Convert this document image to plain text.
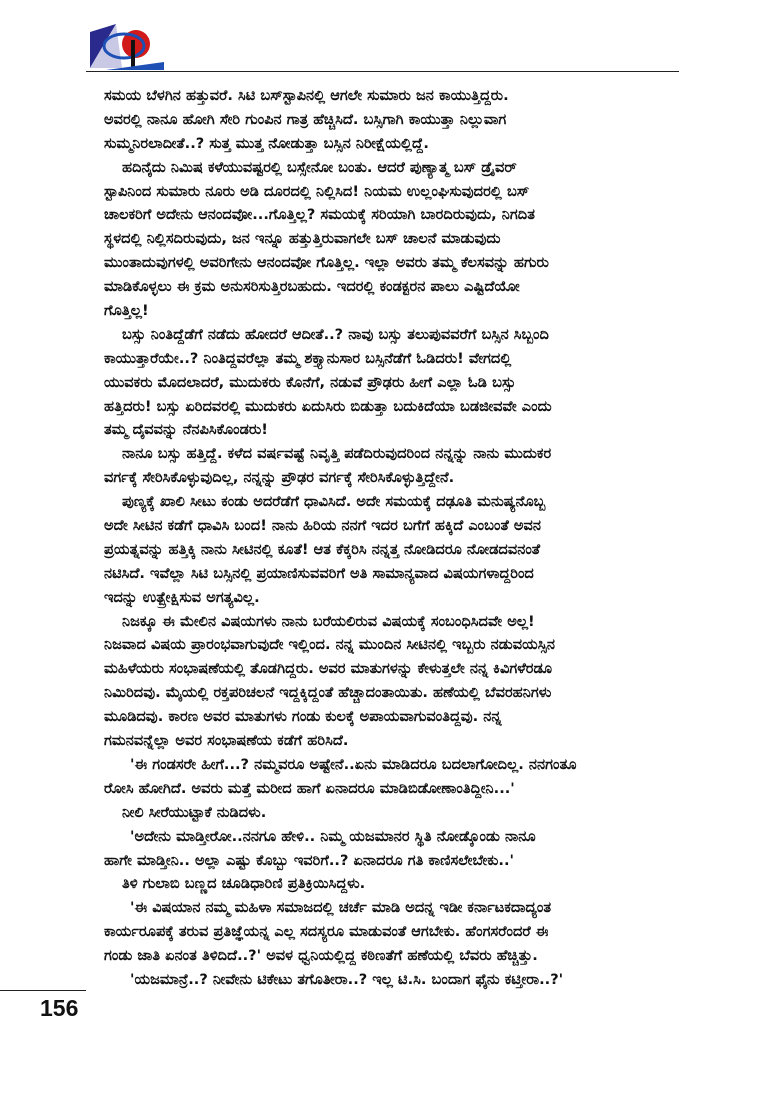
ಸಮಯ ಬೆಳಗಿನ ಹತ್ತುವರೆ. ಸಿಟಿ ಬಸ್‌ಸ್ಟಾಪಿನಲ್ಲಿ ಆಗಲೇ ಸುಮಾರು ಜನ ಕಾಯುತ್ತಿದ್ದರು.
ಅವರಲ್ಲಿ ನಾನೂ ಹೋಗಿ ಸೇರಿ ಗುಂಪಿನ ಗಾತ್ರ ಹೆಚ್ಚಿಸಿದೆ. ಬಸ್ಸಿಗಾಗಿ ಕಾಯುತ್ತಾ ನಿಲ್ಲುವಾಗ
ಸುಮ್ಮನಿರಲಾದೀತೆ..? ಸುತ್ತ ಮುತ್ತ ನೋಡುತ್ತಾ ಬಸ್ಸಿನ ನಿರೀಕ್ಷೆಯಲ್ಲಿದ್ದೆ.
ಹದಿನೈದು ನಿಮಿಷ ಕಳೆಯುವಷ್ಟರಲ್ಲಿ ಬಸ್ಸೇನೋ ಬಂತು. ಆದರೆ ಪುಣ್ಯಾತ್ಮ ಬಸ್ ಡ್ರೈವರ್
ಸ್ಟಾಪಿನಿಂದ ಸುಮಾರು ನೂರು ಅಡಿ ದೂರದಲ್ಲಿ ನಿಲ್ಲಿಸಿದ! ನಿಯಮ ಉಲ್ಲಂಘಿಸುವುದರಲ್ಲಿ ಬಸ್
ಚಾಲಕರಿಗೆ ಅದೇನು ಆನಂದವೋ...ಗೊತ್ತಿಲ್ಲ? ಸಮಯಕ್ಕೆ ಸರಿಯಾಗಿ ಬಾರದಿರುವುದು, ನಿಗದಿತ
ಸ್ಥಳದಲ್ಲಿ ನಿಲ್ಲಿಸದಿರುವುದು, ಜನ ಇನ್ನೂ ಹತ್ತುತ್ತಿರುವಾಗಲೇ ಬಸ್ ಚಾಲನೆ ಮಾಡುವುದು
ಮುಂತಾದುವುಗಳಲ್ಲಿ ಅವರಿಗೇನು ಆನಂದವೋ ಗೊತ್ತಿಲ್ಲ. ಇಲ್ಲಾ ಅವರು ತಮ್ಮ ಕೆಲಸವನ್ನು ಹಗುರು
ಮಾಡಿಕೊಳ್ಳಲು ಈ ಕ್ರಮ ಅನುಸರಿಸುತ್ತಿರಬಹುದು. ಇದರಲ್ಲಿ ಕಂಡಕ್ಟರನ ಪಾಲು ಎಷ್ಟಿದೆಯೋ
ಗೊತ್ತಿಲ್ಲ!
ಬಸ್ಸು ನಿಂತಿದ್ದೆಡೆಗೆ ನಡೆದು ಹೋದರೆ ಆದೀತೆ..? ನಾವು ಬಸ್ಸು ತಲುಪುವವರೆಗೆ ಬಸ್ಸಿನ ಸಿಬ್ಬಂದಿ
ಕಾಯುತ್ತಾರೆಯೇ..? ನಿಂತಿದ್ದವರೆಲ್ಲಾ ತಮ್ಮ ಶಕ್ತ್ಯಾನುಸಾರ ಬಸ್ಸಿನೆಡೆಗೆ ಓಡಿದರು! ವೇಗದಲ್ಲಿ
ಯುವಕರು ಮೊದಲಾದರೆ, ಮುದುಕರು ಕೊನೆಗೆ, ನಡುವೆ ಪ್ರೌಢರು ಹೀಗೆ ಎಲ್ಲಾ ಓಡಿ ಬಸ್ಸು
ಹತ್ತಿದರು! ಬಸ್ಸು ಏರಿದವರಲ್ಲಿ ಮುದುಕರು ಏದುಸಿರು ಬಿಡುತ್ತಾ ಬದುಕಿದೆಯಾ ಬಡಜೀವವೇ ಎಂದು
ತಮ್ಮ ದೈವವನ್ನು ನೆನಪಿಸಿಕೊಂಡರು!
ನಾನೂ ಬಸ್ಸು ಹತ್ತಿದ್ದೆ. ಕಳೆದ ವರ್ಷವಷ್ಟೆ ನಿವೃತ್ತಿ ಪಡೆದಿರುವುದರಿಂದ ನನ್ನನ್ನು ನಾನು ಮುದುಕರ
ವರ್ಗಕ್ಕೆ ಸೇರಿಸಿಕೊಳ್ಳುವುದಿಲ್ಲ, ನನ್ನನ್ನು ಪ್ರೌಢರ ವರ್ಗಕ್ಕೆ ಸೇರಿಸಿಕೊಳ್ಳುತ್ತಿದ್ದೇನೆ.
ಪುಣ್ಯಕ್ಕೆ ಖಾಲಿ ಸೀಟು ಕಂಡು ಅದರೆಡೆಗೆ ಧಾವಿಸಿದೆ. ಅದೇ ಸಮಯಕ್ಕೆ ದಢೂತಿ ಮನುಷ್ಯನೊಬ್ಬ
ಅದೇ ಸೀಟಿನ ಕಡೆಗೆ ಧಾವಿಸಿ ಬಂದ! ನಾನು ಹಿರಿಯ ನನಗೆ ಇದರ ಬಗೆಗೆ ಹಕ್ಕಿದೆ ಎಂಬಂತೆ ಅವನ
ಪ್ರಯತ್ನವನ್ನು ಹತ್ತಿಕ್ಕಿ ನಾನು ಸೀಟಿನಲ್ಲಿ ಕೂತೆ! ಆತ ಕೆಕ್ಕರಿಸಿ ನನ್ನತ್ತ ನೋಡಿದರೂ ನೋಡದವನಂತೆ
ನಟಿಸಿದೆ. ಇವೆಲ್ಲಾ ಸಿಟಿ ಬಸ್ಸಿನಲ್ಲಿ ಪ್ರಯಾಣಿಸುವವರಿಗೆ ಅತಿ ಸಾಮಾನ್ಯವಾದ ವಿಷಯಗಳಾದ್ದರಿಂದ
ಇದನ್ನು ಉತ್ಪ್ರೇಕ್ಷಿಸುವ ಅಗತ್ಯವಿಲ್ಲ.
ನಿಜಕ್ಕೂ ಈ ಮೇಲಿನ ವಿಷಯಗಳು ನಾನು ಬರೆಯಲಿರುವ ವಿಷಯಕ್ಕೆ ಸಂಬಂಧಿಸಿದವೇ ಅಲ್ಲ!
ನಿಜವಾದ ವಿಷಯ ಪ್ರಾರಂಭವಾಗುವುದೇ ಇಲ್ಲಿಂದ. ನನ್ನ ಮುಂದಿನ ಸೀಟಿನಲ್ಲಿ ಇಬ್ಬರು ನಡುವಯಸ್ಸಿನ
ಮಹಿಳೆಯರು ಸಂಭಾಷಣೆಯಲ್ಲಿ ತೊಡಗಿದ್ದರು. ಅವರ ಮಾತುಗಳನ್ನು ಕೇಳುತ್ತಲೇ ನನ್ನ ಕಿವಿಗಳೆರಡೂ
ನಿಮಿರಿದವು. ಮೈಯಲ್ಲಿ ರಕ್ತಪರಿಚಲನೆ ಇದ್ದಕ್ಕಿದ್ದಂತೆ ಹೆಚ್ಚಾದಂತಾಯಿತು. ಹಣೆಯಲ್ಲಿ ಬೆವರಹನಿಗಳು
ಮೂಡಿದವು. ಕಾರಣ ಅವರ ಮಾತುಗಳು ಗಂಡು ಕುಲಕ್ಕೆ ಅಪಾಯವಾಗುವಂತಿದ್ದವು. ನನ್ನ
ಗಮನವನ್ನೆಲ್ಲಾ ಅವರ ಸಂಭಾಷಣೆಯ ಕಡೆಗೆ ಹರಿಸಿದೆ.
'ಈ ಗಂಡಸರೇ ಹೀಗೆ...? ನಮ್ಮವರೂ ಅಷ್ಟೇನೆ..ಏನು ಮಾಡಿದರೂ ಬದಲಾಗೋದಿಲ್ಲ. ನನಗಂತೂ
ರೋಸಿ ಹೋಗಿದೆ. ಅವರು ಮತ್ತೆ ಮರೀದ ಹಾಗೆ ಏನಾದರೂ ಮಾಡಿಬಿಡೋಣಾಂತಿದ್ದೀನಿ...'
ನೀಲಿ ಸೀರೆಯುಟ್ಟಾಕೆ ನುಡಿದಳು.
'ಅದೇನು ಮಾಡ್ತೀರೋ..ನನಗೂ ಹೇಳಿ.. ನಿಮ್ಮ ಯಜಮಾನರ ಸ್ಥಿತಿ ನೋಡ್ಕೊಂಡು ನಾನೂ
ಹಾಗೇ ಮಾಡ್ತೀನಿ.. ಅಲ್ಲಾ ಎಷ್ಟು ಕೊಬ್ಬು ಇವರಿಗೆ..? ಏನಾದರೂ ಗತಿ ಕಾಣಿಸಲೇಬೇಕು..'
ತಿಳಿ ಗುಲಾಬಿ ಬಣ್ಣದ ಚೂಡಿಧಾರಿಣಿ ಪ್ರತಿಕ್ರಿಯಿಸಿದ್ದಳು.
'ಈ ವಿಷಯಾನ ನಮ್ಮ ಮಹಿಳಾ ಸಮಾಜದಲ್ಲಿ ಚರ್ಚೆ ಮಾಡಿ ಅದನ್ನ ಇಡೀ ಕರ್ನಾಟಕದಾದ್ಯಂತ
ಕಾರ್ಯರೂಪಕ್ಕೆ ತರುವ ಪ್ರತಿಜ್ಞೆಯನ್ನ ಎಲ್ಲ ಸದಸ್ಯರೂ ಮಾಡುವಂತೆ ಆಗಬೇಕು. ಹೆಂಗಸರೆಂದರೆ ಈ
ಗಂಡು ಜಾತಿ ಏನಂತ ತಿಳಿದಿದೆ..?' ಅವಳ ಧ್ವನಿಯಲ್ಲಿದ್ದ ಕಠಿಣತೆಗೆ ಹಣೆಯಲ್ಲಿ ಬೆವರು ಹೆಚ್ಚಿತ್ತು.
'ಯಜಮಾನ್ರೆ..? ನೀವೇನು ಟಿಕೇಟು ತಗೊತೀರಾ..? ಇಲ್ಲ ಟಿ.ಸಿ. ಬಂದಾಗ ಫೈನು ಕಟ್ತೀರಾ..?'
156
